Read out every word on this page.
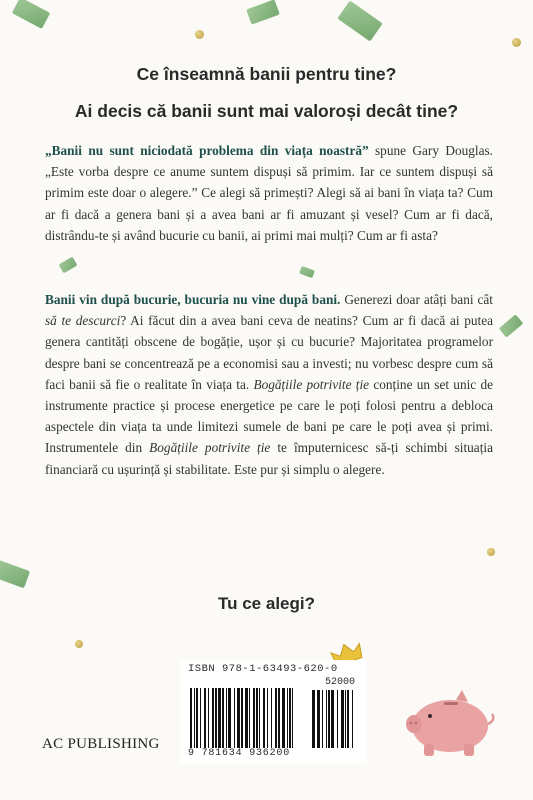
Ce înseamnă banii pentru tine?
Ai decis că banii sunt mai valoroși decât tine?

„Banii nu sunt niciodată problema din viața noastră” spune Gary Douglas. „Este vorba despre ce anume suntem dispuși să primim. Iar ce suntem dispuși să primim este doar o alegere.” Ce alegi să primești? Alegi să ai bani în viața ta? Cum ar fi dacă a genera bani și a avea bani ar fi amuzant și vesel? Cum ar fi dacă, distrându-te și având bucurie cu banii, ai primi mai mulți? Cum ar fi asta?

Banii vin după bucurie, bucuria nu vine după bani. Generezi doar atâți bani cât să te descurci? Ai făcut din a avea bani ceva de neatins? Cum ar fi dacă ai putea genera cantități obscene de bogăție, ușor și cu bucurie? Majoritatea programelor despre bani se concentrează pe a economisi sau a investi; nu vorbesc despre cum să faci banii să fie o realitate în viața ta. Bogățiile potrivite ție conține un set unic de instrumente practice și procese energetice pe care le poți folosi pentru a debloca aspectele din viața ta unde limitezi sumele de bani pe care le poți avea și primi. Instrumentele din Bogățiile potrivite ție te împuternicesc să-ți schimbi situația financiară cu ușurință și stabilitate. Este pur și simplu o alegere.

Tu ce alegi?
ISBN 978-1-63493-620-0
52000
9 781634 936200
AC PUBLISHING
